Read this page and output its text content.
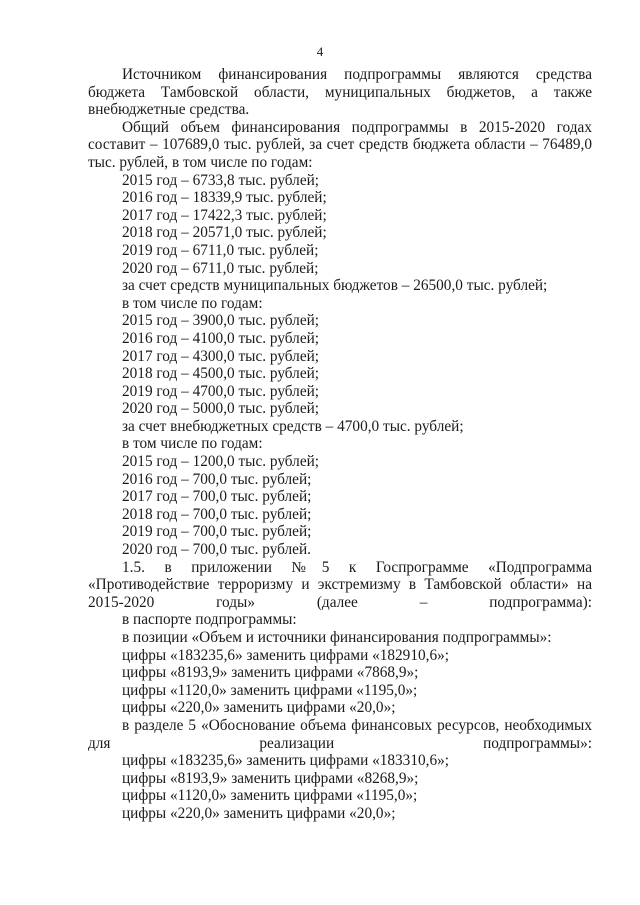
4
Источником финансирования подпрограммы являются средства бюджета Тамбовской области, муниципальных бюджетов, а также внебюджетные средства.
Общий объем финансирования подпрограммы в 2015-2020 годах составит – 107689,0 тыс. рублей, за счет средств бюджета области – 76489,0 тыс. рублей, в том числе по годам:
2015 год – 6733,8 тыс. рублей;
2016 год – 18339,9 тыс. рублей;
2017 год – 17422,3 тыс. рублей;
2018 год – 20571,0 тыс. рублей;
2019 год – 6711,0 тыс. рублей;
2020 год – 6711,0 тыс. рублей;
за счет средств муниципальных бюджетов – 26500,0 тыс. рублей;
в том числе по годам:
2015 год – 3900,0 тыс. рублей;
2016 год – 4100,0 тыс. рублей;
2017 год – 4300,0 тыс. рублей;
2018 год – 4500,0 тыс. рублей;
2019 год – 4700,0 тыс. рублей;
2020 год – 5000,0 тыс. рублей;
за счет внебюджетных средств – 4700,0 тыс. рублей;
в том числе по годам:
2015 год – 1200,0 тыс. рублей;
2016 год – 700,0 тыс. рублей;
2017 год – 700,0 тыс. рублей;
2018 год – 700,0 тыс. рублей;
2019 год – 700,0 тыс. рублей;
2020 год – 700,0 тыс. рублей.
1.5. в приложении №5 к Госпрограмме «Подпрограмма «Противодействие терроризму и экстремизму в Тамбовской области» на 2015-2020 годы» (далее – подпрограмма):
в паспорте подпрограммы:
в позиции «Объем и источники финансирования подпрограммы»:
цифры «183235,6» заменить цифрами «182910,6»;
цифры «8193,9» заменить цифрами «7868,9»;
цифры «1120,0» заменить цифрами «1195,0»;
цифры «220,0» заменить цифрами «20,0»;
в разделе 5 «Обоснование объема финансовых ресурсов, необходимых для реализации подпрограммы»:
цифры «183235,6» заменить цифрами «183310,6»;
цифры «8193,9» заменить цифрами «8268,9»;
цифры «1120,0» заменить цифрами «1195,0»;
цифры «220,0» заменить цифрами «20,0»;
